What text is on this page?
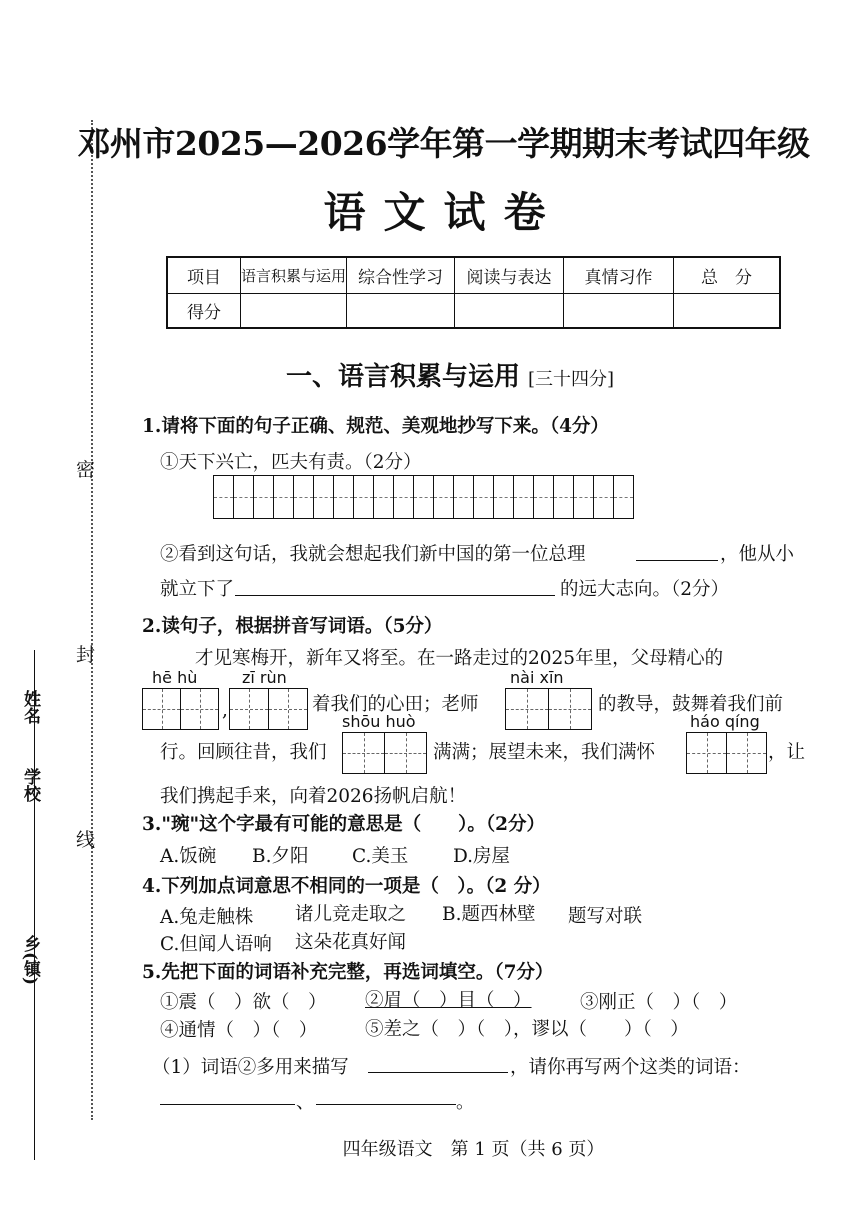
密
封
线
姓名
学校
乡(镇)
邓州市2025—2026学年第一学期期末考试四年级
语文试卷
项目	语言积累与运用	综合性学习	阅读与表达	真情习作	总　分
得分					
一、语言积累与运用 [三十四分]
1.请将下面的句子正确、规范、美观地抄写下来。（4分）
①天下兴亡，匹夫有责。（2分）
②看到这句话，我就会想起我们新中国的第一位总理	，他从小
就立下了	的远大志向。（2分）
2.读句子，根据拼音写词语。（5分）
才见寒梅开，新年又将至。在一路走过的2025年里，父母精心的
hē hù
,
zī rùn
着我们的心田；老师
nài xīn
的教导，鼓舞着我们前
行。回顾往昔，我们
shōu huò
满满；展望未来，我们满怀
háo qíng
，让
我们携起手来，向着2026扬帆启航！
3."琬"这个字最有可能的意思是（　　）。（2分）
A.饭碗 B.夕阳 C.美玉 D.房屋
4.下列加点词意思不相同的一项是（　）。（2 分）
A.兔走触株 诸儿竞走取之 B.题西林壁 题写对联
C.但闻人语响 这朵花真好闻
5.先把下面的词语补充完整，再选词填空。（7分）
①震（　）欲（　） ②眉（　）目（　）	③刚正（　）（　）
④通情（　）（　）	⑤差之（　）（　），谬以（　　）（　）
（1）词语②多用来描写	，请你再写两个这类的词语：
、	。
四年级语文　第 1 页（共 6 页）
